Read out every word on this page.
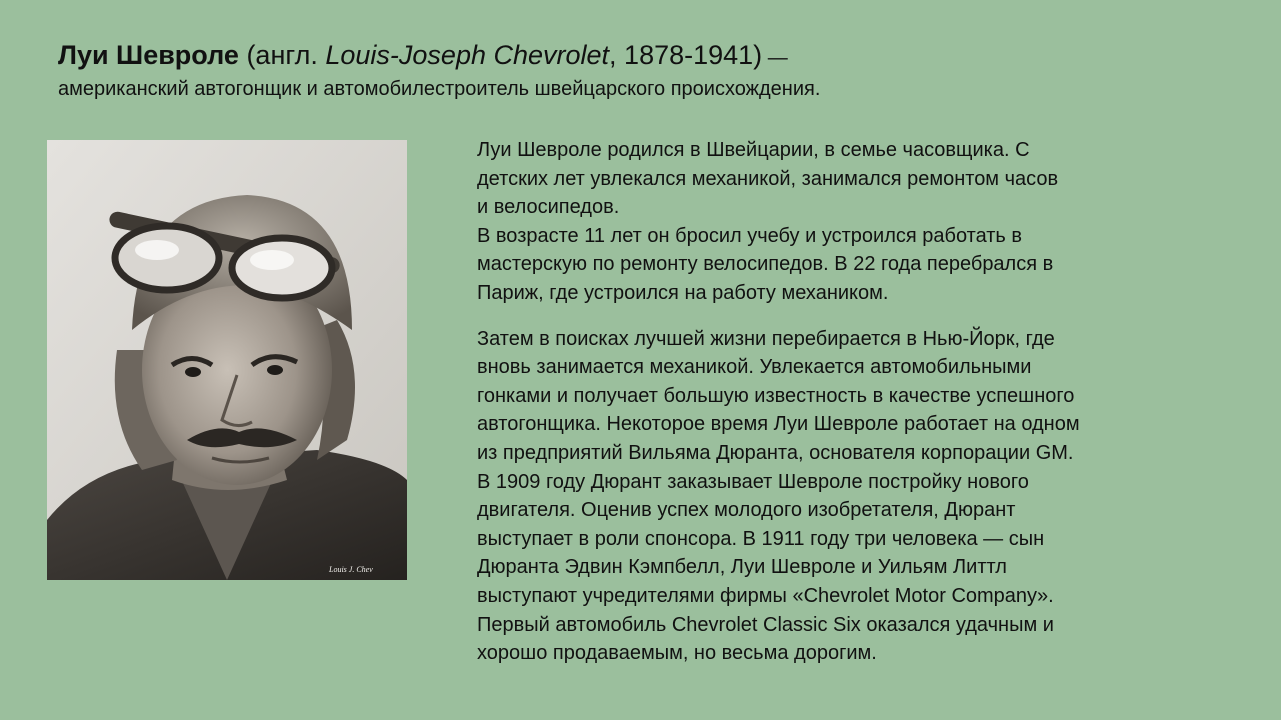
Луи Шевроле (англ. Louis-Joseph Chevrolet, 1878-1941) —
американский автогонщик и автомобилестроитель швейцарского происхождения.
Louis J. Chev

Луи Шевроле родился в Швейцарии, в семье часовщика. С

детских лет увлекался механикой, занимался ремонтом часов

и велосипедов.

В возрасте 11 лет он бросил учебу и устроился работать в

мастерскую по ремонту велосипедов. В 22 года перебрался в

Париж, где устроился на работу механиком.

Затем в поисках лучшей жизни перебирается в Нью-Йорк, где

вновь занимается механикой. Увлекается автомобильными

гонками и получает большую известность в качестве успешного

автогонщика. Некоторое время Луи Шевроле работает на одном

из предприятий Вильяма Дюранта, основателя корпорации GM.

В 1909 году Дюрант заказывает Шевроле постройку нового

двигателя. Оценив успех молодого изобретателя, Дюрант

выступает в роли спонсора. В 1911 году три человека — сын

Дюранта Эдвин Кэмпбелл, Луи Шевроле и Уильям Литтл

выступают учредителями фирмы «Chevrolet Motor Company».

Первый автомобиль Chevrolet Classic Six оказался удачным и

хорошо продаваемым, но весьма дорогим.
